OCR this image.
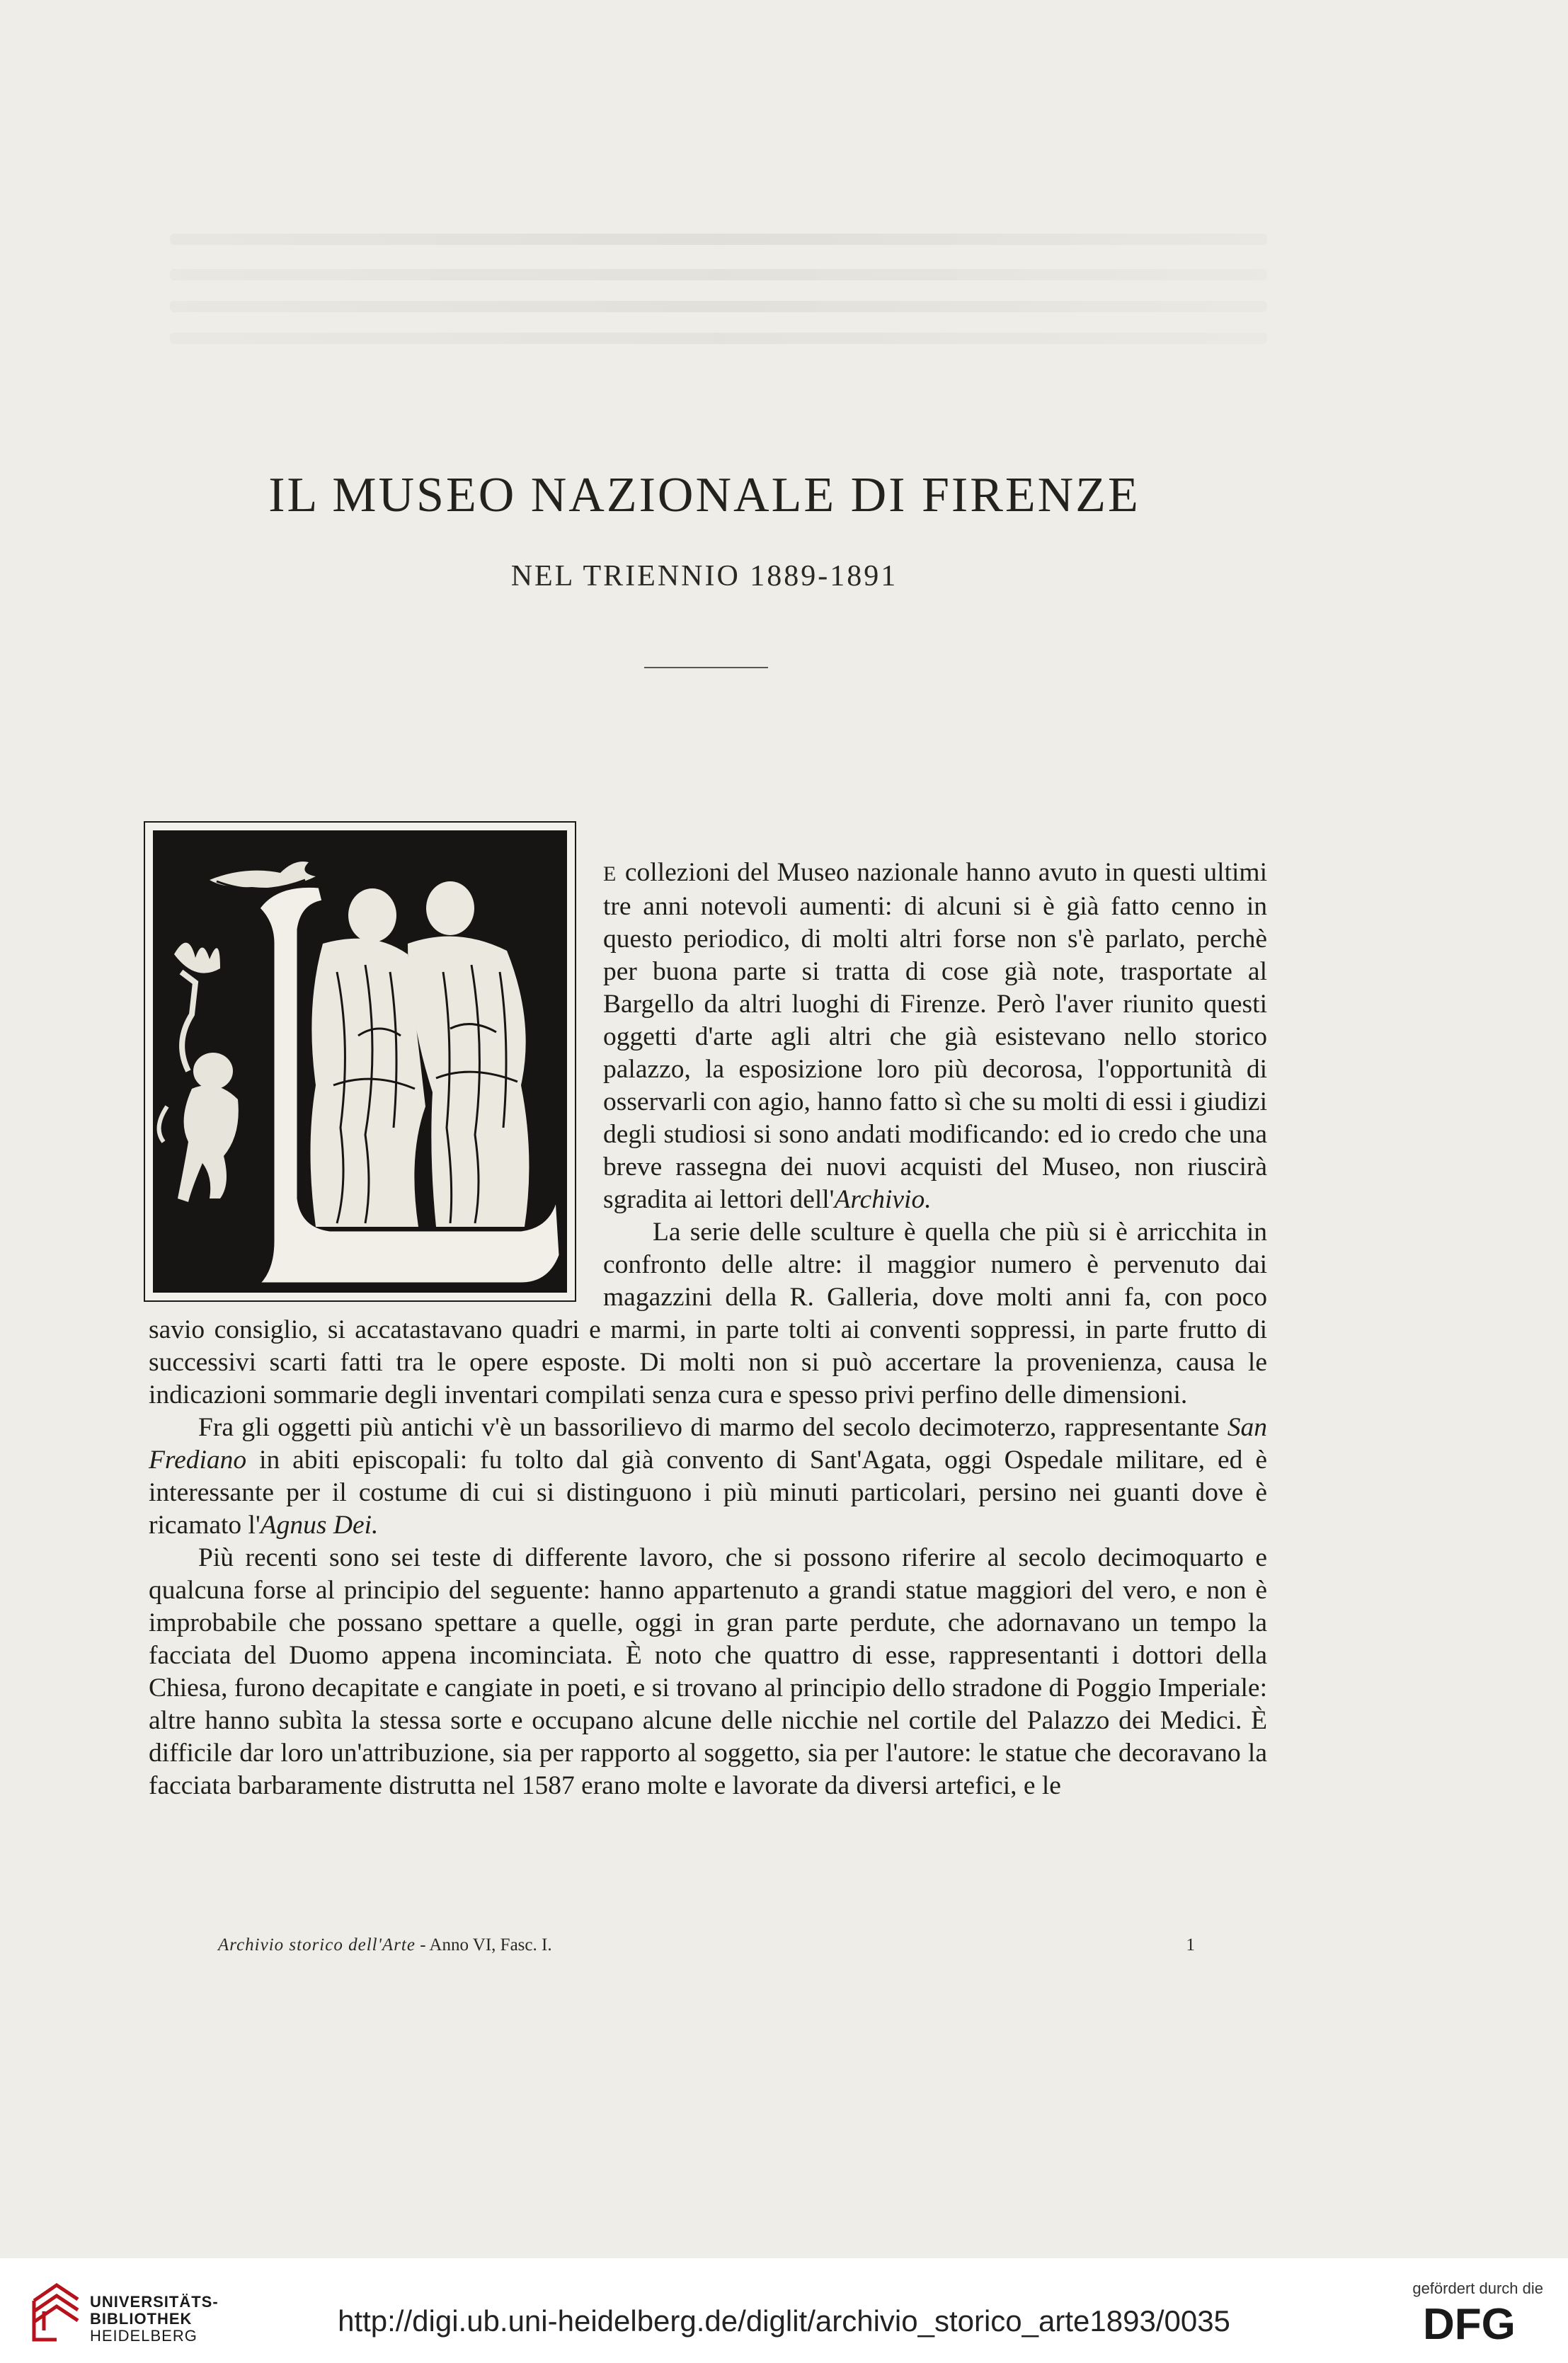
IL MUSEO NAZIONALE DI FIRENZE
NEL TRIENNIO 1889-1891

E collezioni del Museo nazionale hanno avuto in questi ultimi tre anni notevoli aumenti: di alcuni si è già fatto cenno in questo periodico, di molti altri forse non s'è parlato, perchè per buona parte si tratta di cose già note, trasportate al Bargello da altri luoghi di Firenze. Però l'aver riunito questi oggetti d'arte agli altri che già esistevano nello storico palazzo, la esposizione loro più decorosa, l'opportunità di osservarli con agio, hanno fatto sì che su molti di essi i giudizi degli studiosi si sono andati modificando: ed io credo che una breve rassegna dei nuovi acquisti del Museo, non riuscirà sgradita ai lettori dell'Archivio.

La serie delle sculture è quella che più si è arricchita in confronto delle altre: il maggior numero è pervenuto dai magazzini della R. Galleria, dove molti anni fa, con poco savio consiglio, si accatastavano quadri e marmi, in parte tolti ai conventi soppressi, in parte frutto di successivi scarti fatti tra le opere esposte. Di molti non si può accertare la provenienza, causa le indicazioni sommarie degli inventari compilati senza cura e spesso privi perfino delle dimensioni.

Fra gli oggetti più antichi v'è un bassorilievo di marmo del secolo decimoterzo, rappresentante San Frediano in abiti episcopali: fu tolto dal già convento di Sant'Agata, oggi Ospedale militare, ed è interessante per il costume di cui si distinguono i più minuti particolari, persino nei guanti dove è ricamato l'Agnus Dei.

Più recenti sono sei teste di differente lavoro, che si possono riferire al secolo decimoquarto e qualcuna forse al principio del seguente: hanno appartenuto a grandi statue maggiori del vero, e non è improbabile che possano spettare a quelle, oggi in gran parte perdute, che adornavano un tempo la facciata del Duomo appena incominciata. È noto che quattro di esse, rappresentanti i dottori della Chiesa, furono decapitate e cangiate in poeti, e si trovano al principio dello stradone di Poggio Imperiale: altre hanno subìta la stessa sorte e occupano alcune delle nicchie nel cortile del Palazzo dei Medici. È difficile dar loro un'attribuzione, sia per rapporto al soggetto, sia per l'autore: le statue che decoravano la facciata barbaramente distrutta nel 1587 erano molte e lavorate da diversi artefici, e le

Archivio storico dell'Arte - Anno VI, Fasc. I.	1
UNIVERSITÄTS-
BIBLIOTHEK
HEIDELBERG	http://digi.ub.uni-heidelberg.de/diglit/archivio_storico_arte1893/0035
gefördert durch die
DFG
